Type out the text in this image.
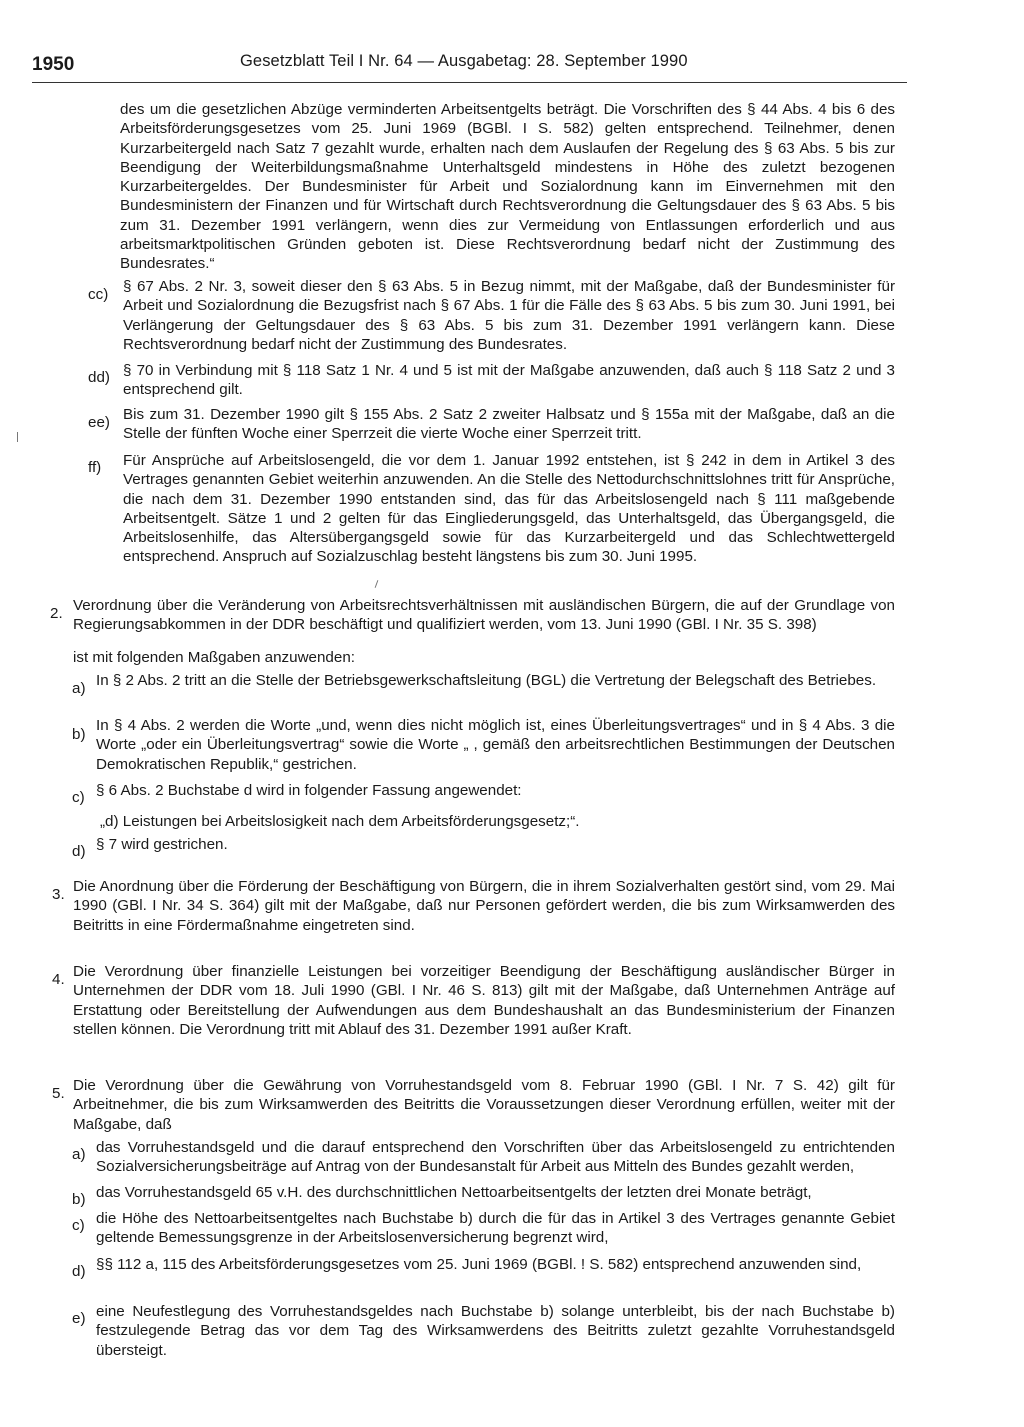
1950	Gesetzblatt Teil I Nr. 64 — Ausgabetag: 28. September 1990
des um die gesetzlichen Abzüge verminderten Arbeitsentgelts beträgt. Die Vorschriften des § 44 Abs. 4 bis 6 des Arbeitsförderungsgesetzes vom 25. Juni 1969 (BGBl. I S. 582) gelten entsprechend. Teilnehmer, denen Kurzarbeitergeld nach Satz 7 gezahlt wurde, erhalten nach dem Auslaufen der Regelung des § 63 Abs. 5 bis zur Beendigung der Weiterbildungsmaßnahme Unterhaltsgeld mindestens in Höhe des zuletzt bezogenen Kurzarbeitergeldes. Der Bundesminister für Arbeit und Sozialordnung kann im Einvernehmen mit den Bundesministern der Finanzen und für Wirtschaft durch Rechtsverordnung die Geltungsdauer des § 63 Abs. 5 bis zum 31. Dezember 1991 verlängern, wenn dies zur Vermeidung von Entlassungen erforderlich und aus arbeitsmarktpolitischen Gründen geboten ist. Diese Rechtsverordnung bedarf nicht der Zustimmung des Bundesrates.“
cc) § 67 Abs. 2 Nr. 3, soweit dieser den § 63 Abs. 5 in Bezug nimmt, mit der Maßgabe, daß der Bundesminister für Arbeit und Sozialordnung die Bezugsfrist nach § 67 Abs. 1 für die Fälle des § 63 Abs. 5 bis zum 30. Juni 1991, bei Verlängerung der Geltungsdauer des § 63 Abs. 5 bis zum 31. Dezember 1991 verlängern kann. Diese Rechtsverordnung bedarf nicht der Zustimmung des Bundesrates.
dd) § 70 in Verbindung mit § 118 Satz 1 Nr. 4 und 5 ist mit der Maßgabe anzuwenden, daß auch § 118 Satz 2 und 3 entsprechend gilt.
ee) Bis zum 31. Dezember 1990 gilt § 155 Abs. 2 Satz 2 zweiter Halbsatz und § 155a mit der Maßgabe, daß an die Stelle der fünften Woche einer Sperrzeit die vierte Woche einer Sperrzeit tritt.
ff) Für Ansprüche auf Arbeitslosengeld, die vor dem 1. Januar 1992 entstehen, ist § 242 in dem in Artikel 3 des Vertrages genannten Gebiet weiterhin anzuwenden. An die Stelle des Nettodurchschnittslohnes tritt für Ansprüche, die nach dem 31. Dezember 1990 entstanden sind, das für das Arbeitslosengeld nach § 111 maßgebende Arbeitsentgelt. Sätze 1 und 2 gelten für das Eingliederungsgeld, das Unterhaltsgeld, das Übergangsgeld, die Arbeitslosenhilfe, das Altersübergangsgeld sowie für das Kurzarbeitergeld und das Schlechtwettergeld entsprechend. Anspruch auf Sozialzuschlag besteht längstens bis zum 30. Juni 1995.
2. Verordnung über die Veränderung von Arbeitsrechtsverhältnissen mit ausländischen Bürgern, die auf der Grundlage von Regierungsabkommen in der DDR beschäftigt und qualifiziert werden, vom 13. Juni 1990 (GBl. I Nr. 35 S. 398)
ist mit folgenden Maßgaben anzuwenden:
a) In § 2 Abs. 2 tritt an die Stelle der Betriebsgewerkschaftsleitung (BGL) die Vertretung der Belegschaft des Betriebes.
b)
In § 4 Abs. 2 werden die Worte „und, wenn dies nicht möglich ist, eines Überleitungsvertrages“ und in § 4 Abs. 3 die Worte „oder ein Überleitungsvertrag“ sowie die Worte „ , gemäß den arbeitsrechtlichen Bestimmungen der Deutschen Demokratischen Republik,“ gestrichen.
c) § 6 Abs. 2 Buchstabe d wird in folgender Fassung angewendet:
„d) Leistungen bei Arbeitslosigkeit nach dem Arbeitsförderungsgesetz;“.
d) § 7 wird gestrichen.
3. Die Anordnung über die Förderung der Beschäftigung von Bürgern, die in ihrem Sozialverhalten gestört sind, vom 29. Mai 1990 (GBl. I Nr. 34 S. 364) gilt mit der Maßgabe, daß nur Personen gefördert werden, die bis zum Wirksamwerden des Beitritts in eine Fördermaßnahme eingetreten sind.
4. Die Verordnung über finanzielle Leistungen bei vorzeitiger Beendigung der Beschäftigung ausländischer Bürger in Unternehmen der DDR vom 18. Juli 1990 (GBl. I Nr. 46 S. 813) gilt mit der Maßgabe, daß Unternehmen Anträge auf Erstattung oder Bereitstellung der Aufwendungen aus dem Bundeshaushalt an das Bundesministerium der Finanzen stellen können. Die Verordnung tritt mit Ablauf des 31. Dezember 1991 außer Kraft.
5. Die Verordnung über die Gewährung von Vorruhestandsgeld vom 8. Februar 1990 (GBl. I Nr. 7 S. 42) gilt für Arbeitnehmer, die bis zum Wirksamwerden des Beitritts die Voraussetzungen dieser Verordnung erfüllen, weiter mit der Maßgabe, daß
a) das Vorruhestandsgeld und die darauf entsprechend den Vorschriften über das Arbeitslosengeld zu entrichtenden Sozialversicherungsbeiträge auf Antrag von der Bundesanstalt für Arbeit aus Mitteln des Bundes gezahlt werden,
b) das Vorruhestandsgeld 65 v.H. des durchschnittlichen Nettoarbeitsentgelts der letzten drei Monate beträgt,
c) die Höhe des Nettoarbeitsentgeltes nach Buchstabe b) durch die für das in Artikel 3 des Vertrages genannte Gebiet geltende Bemessungsgrenze in der Arbeitslosenversicherung begrenzt wird,
d) §§ 112 a, 115 des Arbeitsförderungsgesetzes vom 25. Juni 1969 (BGBl. ! S. 582) entsprechend anzuwenden sind,
e) eine Neufestlegung des Vorruhestandsgeldes nach Buchstabe b) solange unterbleibt, bis der nach Buchstabe b) festzulegende Betrag das vor dem Tag des Wirksamwerdens des Beitritts zuletzt gezahlte Vorruhestandsgeld übersteigt.
